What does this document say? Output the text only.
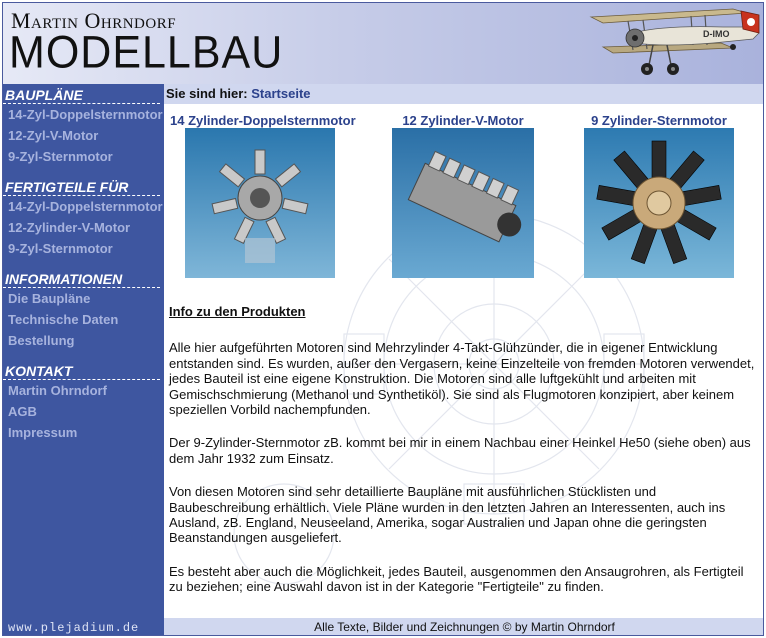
Martin Ohrndorf
MODELLBAU	D-IMO
BAUPLÄNE
14-Zyl-Doppelsternmotor
12-Zyl-V-Motor
9-Zyl-Sternmotor
FERTIGTEILE FÜR
14-Zyl-Doppelsternmotor
12-Zylinder-V-Motor
9-Zyl-Sternmotor
INFORMATIONEN
Die Baupläne
Technische Daten
Bestellung
KONTAKT
Martin Ohrndorf
AGB
Impressum
www.plejadium.de
Sie sind hier: Startseite
14 Zylinder-Doppelsternmotor	12 Zylinder-V-Motor	9 Zylinder-Sternmotor
Info zu den Produkten

Alle hier aufgeführten Motoren sind Mehrzylinder 4-Takt-Glühzünder, die in eigener Entwicklung entstanden sind. Es wurden, außer den Vergasern, keine Einzelteile von fremden Motoren verwendet, jedes Bauteil ist eine eigene Konstruktion. Die Motoren sind alle luftgekühlt und arbeiten mit Gemischschmierung (Methanol und Synthetiköl). Sie sind als Flugmotoren konzipiert, aber keinem speziellen Vorbild nachempfunden.

Der 9-Zylinder-Sternmotor zB. kommt bei mir in einem Nachbau einer Heinkel He50 (siehe oben) aus dem Jahr 1932 zum Einsatz.

Von diesen Motoren sind sehr detaillierte Baupläne mit ausführlichen Stücklisten und Baubeschreibung erhältlich. Viele Pläne wurden in den letzten Jahren an Interessenten, auch ins Ausland, zB. England, Neuseeland, Amerika, sogar Australien und Japan ohne die geringsten Beanstandungen ausgeliefert.

Es besteht aber auch die Möglichkeit, jedes Bauteil, ausgenommen den Ansaugrohren, als Fertigteil zu beziehen; eine Auswahl davon ist in der Kategorie "Fertigteile" zu finden.

Alle Texte, Bilder und Zeichnungen © by Martin Ohrndorf
